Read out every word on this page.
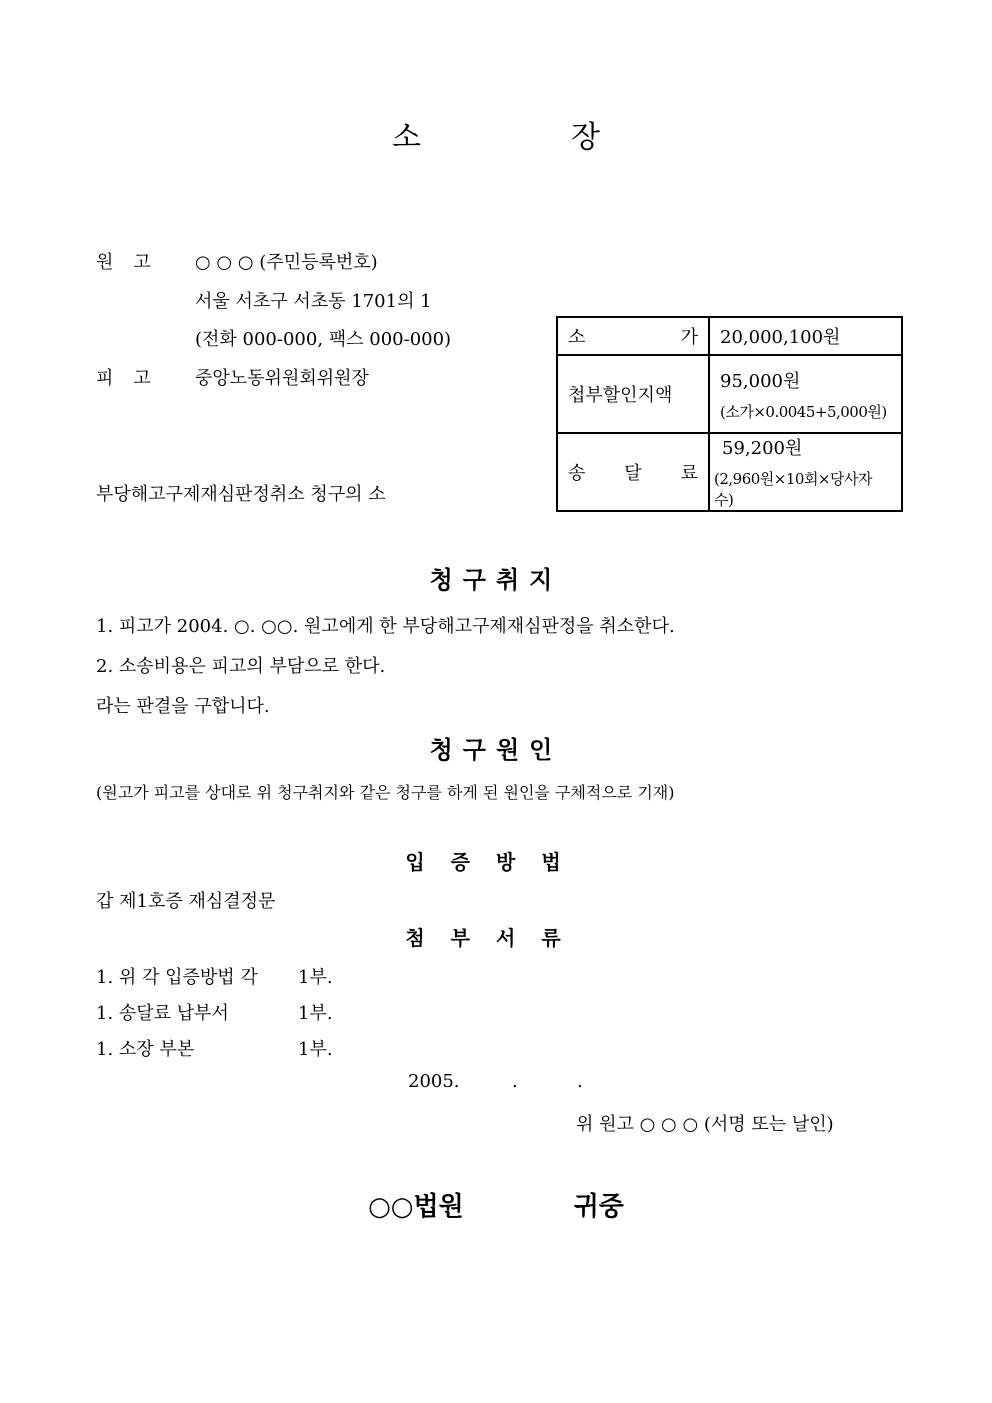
소	장
원고 ○ ○ ○ (주민등록번호)
서울 서초구 서초동 1701의 1
(전화 000-000, 팩스 000-000)
피고 중앙노동위원회위원장
부당해고구제재심판정취소 청구의 소
소 가	20,000,100원
첩부할인지액	95,000원
(소가×0.0045+5,000원)

송 달 료	59,200원
(2,960원×10회×당사자수)
청구취지
1. 피고가 2004. ○. ○○. 원고에게 한 부당해고구제재심판정을 취소한다.
2. 소송비용은 피고의 부담으로 한다.
라는 판결을 구합니다.
청구원인
(원고가 피고를 상대로 위 청구취지와 같은 청구를 하게 된 원인을 구체적으로 기재)
입증방법
갑 제1호증 재심결정문
첨부서류
1. 위 각 입증방법 각 1부.
1. 송달료 납부서	1부.
1. 소장 부본	1부.
2005.	.	.
위 원고 ○ ○ ○ (서명 또는 날인)
○○법원	귀중
